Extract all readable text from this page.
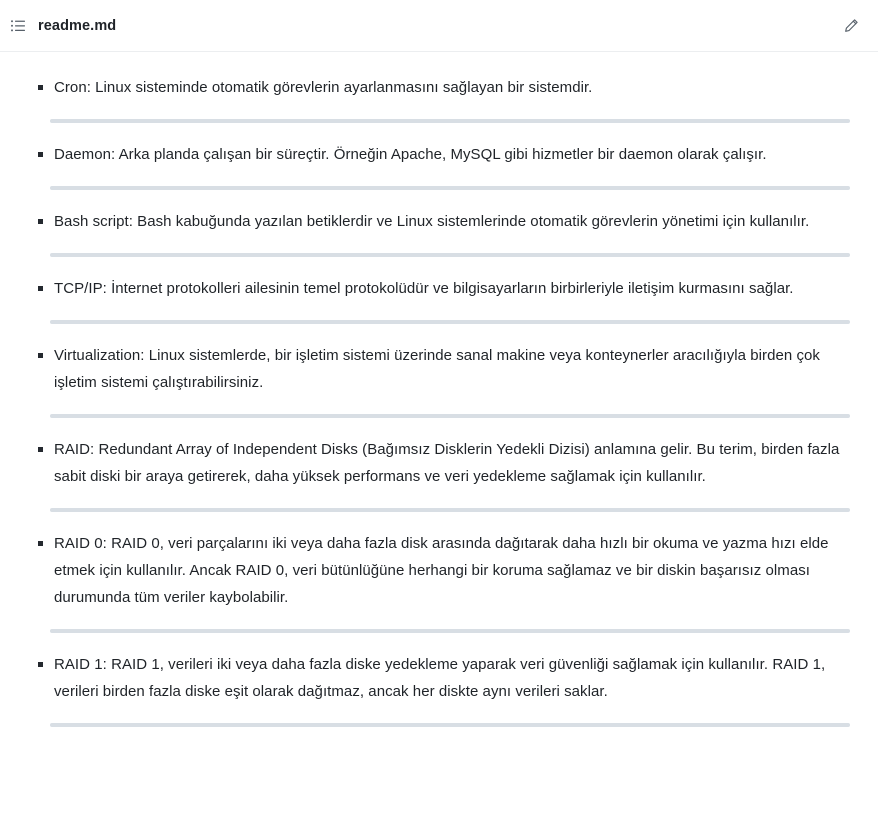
readme.md
Cron: Linux sisteminde otomatik görevlerin ayarlanmasını sağlayan bir sistemdir.
Daemon: Arka planda çalışan bir süreçtir. Örneğin Apache, MySQL gibi hizmetler bir daemon olarak çalışır.
Bash script: Bash kabuğunda yazılan betiklerdir ve Linux sistemlerinde otomatik görevlerin yönetimi için kullanılır.
TCP/IP: İnternet protokolleri ailesinin temel protokolüdür ve bilgisayarların birbirleriyle iletişim kurmasını sağlar.
Virtualization: Linux sistemlerde, bir işletim sistemi üzerinde sanal makine veya konteynerler aracılığıyla birden çok işletim sistemi çalıştırabilirsiniz.
RAID: Redundant Array of Independent Disks (Bağımsız Disklerin Yedekli Dizisi) anlamına gelir. Bu terim, birden fazla sabit diski bir araya getirerek, daha yüksek performans ve veri yedekleme sağlamak için kullanılır.
RAID 0: RAID 0, veri parçalarını iki veya daha fazla disk arasında dağıtarak daha hızlı bir okuma ve yazma hızı elde etmek için kullanılır. Ancak RAID 0, veri bütünlüğüne herhangi bir koruma sağlamaz ve bir diskin başarısız olması durumunda tüm veriler kaybolabilir.
RAID 1: RAID 1, verileri iki veya daha fazla diske yedekleme yaparak veri güvenliği sağlamak için kullanılır. RAID 1, verileri birden fazla diske eşit olarak dağıtmaz, ancak her diskte aynı verileri saklar.
